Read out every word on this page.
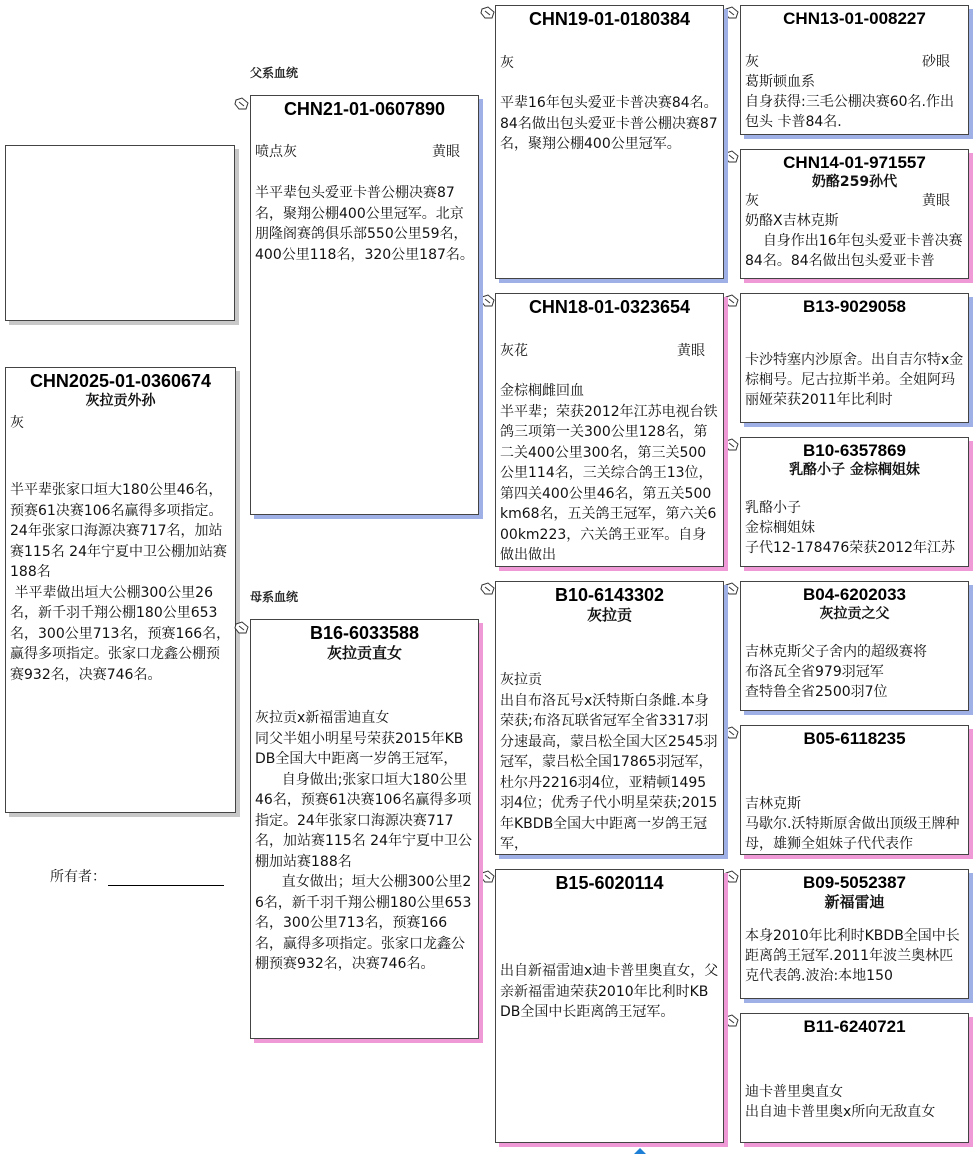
CHN2025-01-0360674
灰拉贡外孙
灰
半平辈张家口垣大180公里46名，预赛61决赛106名赢得多项指定。24年张家口海源决赛717名，加站赛115名 24年宁夏中卫公棚加站赛188名
半平辈做出垣大公棚300公里26名，新千羽千翔公棚180公里653名，300公里713名，预赛166名，赢得多项指定。张家口龙鑫公棚预赛932名，决赛746名。
所有者：
父系血统
母系血统
CHN21-01-0607890
喷点灰	黄眼
半平辈包头爱亚卡普公棚决赛87名，聚翔公棚400公里冠军。北京朋隆阁赛鸽俱乐部550公里59名，400公里118名，320公里187名。
B16-6033588
灰拉贡直女
灰拉贡x新福雷迪直女
同父半姐小明星号荣获2015年KBDB全国大中距离一岁鸽王冠军，
自身做出;张家口垣大180公里46名，预赛61决赛106名赢得多项指定。24年张家口海源决赛717名，加站赛115名 24年宁夏中卫公棚加站赛188名
直女做出；垣大公棚300公里26名，新千羽千翔公棚180公里653名，300公里713名，预赛166名，赢得多项指定。张家口龙鑫公棚预赛932名，决赛746名。
CHN19-01-0180384
灰
平辈16年包头爱亚卡普决赛84名。84名做出包头爱亚卡普公棚决赛87名，聚翔公棚400公里冠军。
CHN18-01-0323654
灰花	黄眼
金棕榈雌回血
半平辈；荣获2012年江苏电视台铁鸽三项第一关300公里128名，第二关400公里300名，第三关500公里114名，三关综合鸽王13位，第四关400公里46名，第五关500km68名，五关鸽王冠军，第六关600km223，六关鸽王亚军。自身做出做出
B10-6143302
灰拉贡
灰拉贡
出自布洛瓦号x沃特斯白条雌.本身荣获;布洛瓦联省冠军全省3317羽分速最高，蒙吕松全国大区2545羽冠军，蒙吕松全国17865羽冠军，杜尔丹2216羽4位，亚精顿1495羽4位；优秀子代小明星荣获;2015年KBDB全国大中距离一岁鸽王冠军，
B15-6020114
出自新福雷迪x迪卡普里奥直女，父亲新福雷迪荣获2010年比利时KBDB全国中长距离鸽王冠军。
CHN13-01-008227
灰	砂眼
葛斯顿血系
自身获得:三毛公棚决赛60名.作出包头 卡普84名.
CHN14-01-971557
奶酪259孙代
灰	黄眼
奶酪X吉林克斯
自身作出16年包头爱亚卡普决赛84名。84名做出包头爱亚卡普
B13-9029058
卡沙特塞内沙原舍。出自吉尔特x金棕榈号。尼古拉斯半弟。全姐阿玛丽娅荣获2011年比利时
B10-6357869
乳酪小子 金棕榈姐妹
乳酪小子
金棕榈姐妹
子代12-178476荣获2012年江苏
B04-6202033
灰拉贡之父
吉林克斯父子舍内的超级赛将
布洛瓦全省979羽冠军
查特鲁全省2500羽7位
B05-6118235
吉林克斯
马歇尔.沃特斯原舍做出顶级王牌种母，雄狮全姐妹子代代表作
B09-5052387
新福雷迪
本身2010年比利时KBDB全国中长距离鸽王冠军.2011年波兰奥林匹克代表鸽.波治:本地150
B11-6240721
迪卡普里奥直女
出自迪卡普里奥x所向无敌直女
